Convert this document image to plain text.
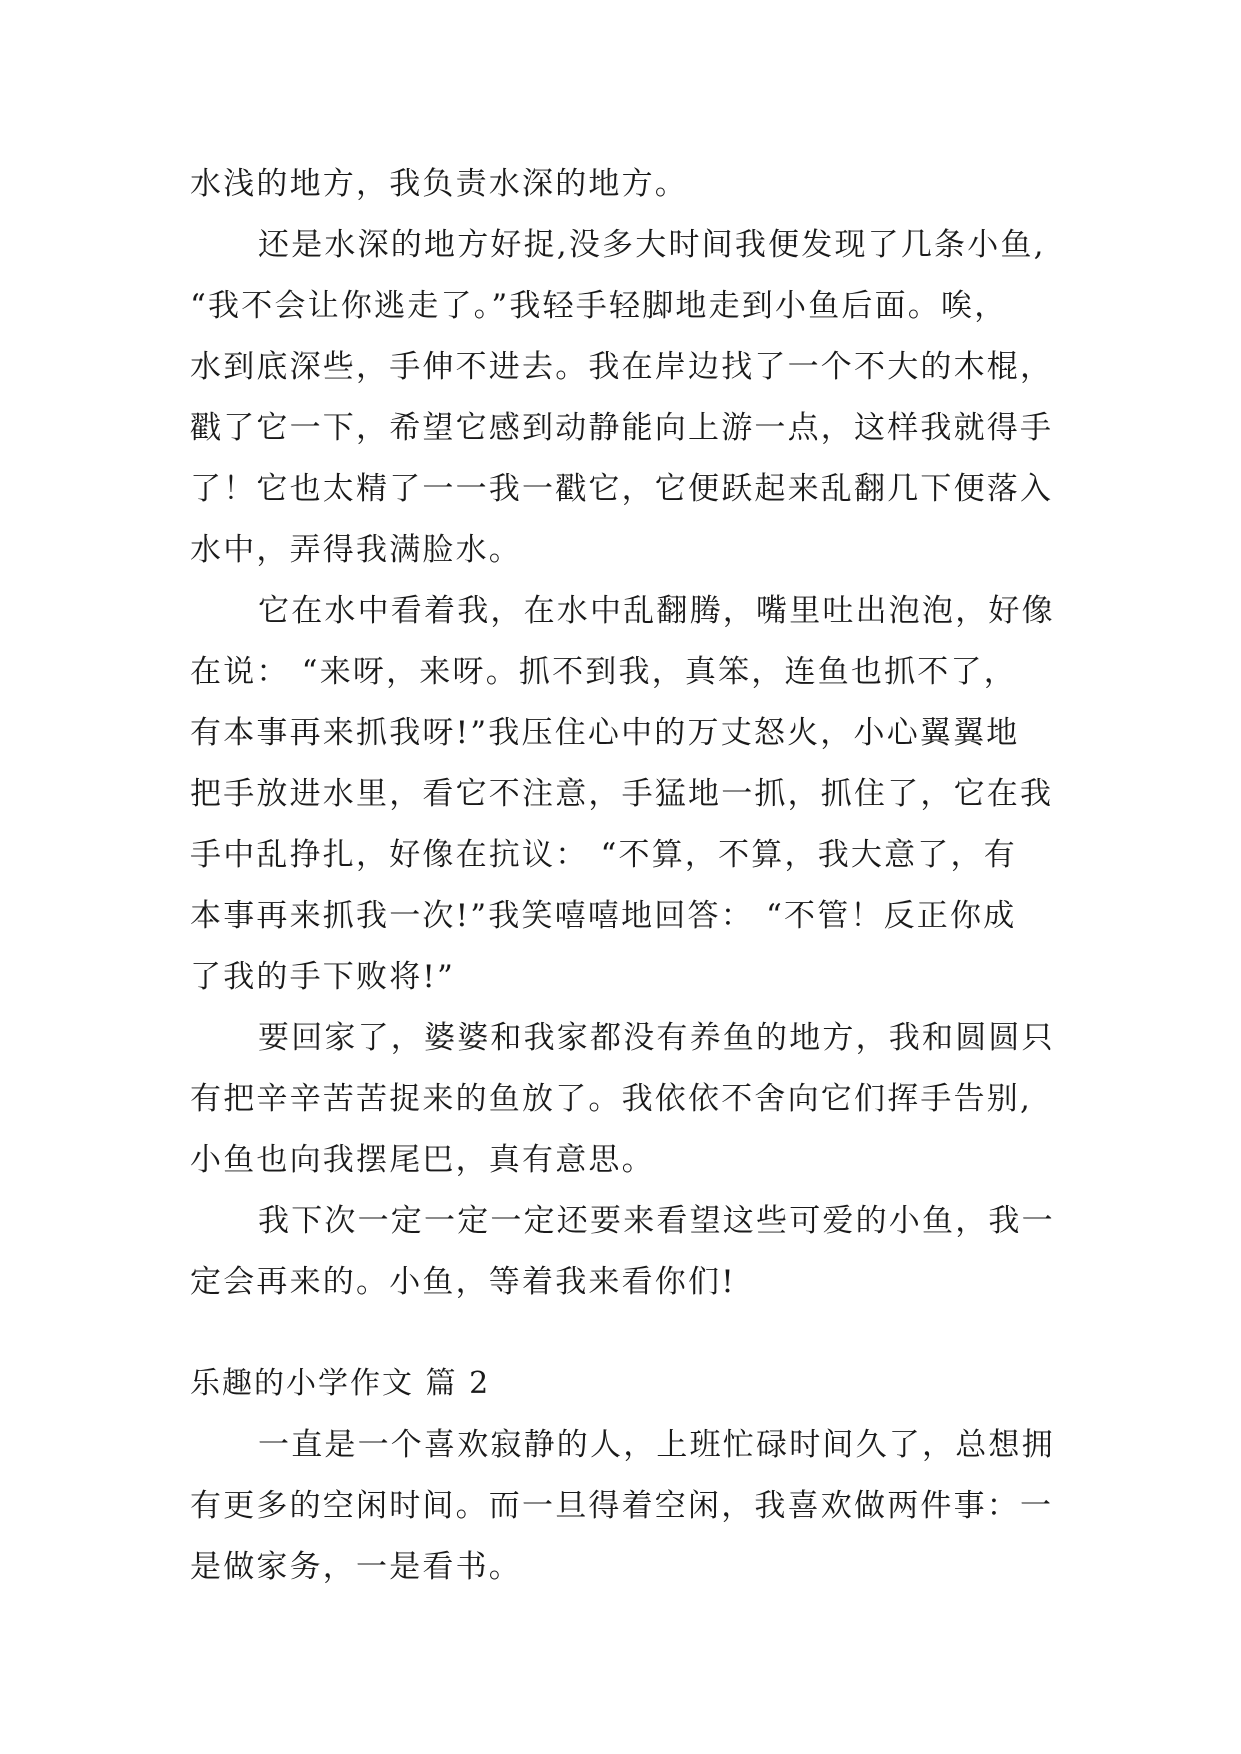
水浅的地方，我负责水深的地方。
还是水深的地方好捉,没多大时间我便发现了几条小鱼,
“我不会让你逃走了。”我轻手轻脚地走到小鱼后面。唉，
水到底深些，手伸不进去。我在岸边找了一个不大的木棍，
戳了它一下，希望它感到动静能向上游一点，这样我就得手
了！它也太精了一一我一戳它，它便跃起来乱翻几下便落入
水中，弄得我满脸水。
它在水中看着我，在水中乱翻腾，嘴里吐出泡泡，好像
在说： “来呀，来呀。抓不到我，真笨，连鱼也抓不了，
有本事再来抓我呀!”我压住心中的万丈怒火，小心翼翼地
把手放进水里，看它不注意，手猛地一抓，抓住了，它在我
手中乱挣扎，好像在抗议： “不算，不算，我大意了，有
本事再来抓我一次!”我笑嘻嘻地回答： “不管！反正你成
了我的手下败将!”
要回家了，婆婆和我家都没有养鱼的地方，我和圆圆只
有把辛辛苦苦捉来的鱼放了。我依依不舍向它们挥手告别,
小鱼也向我摆尾巴，真有意思。
我下次一定一定一定还要来看望这些可爱的小鱼，我一
定会再来的。小鱼，等着我来看你们!
乐趣的小学作文 篇 2
一直是一个喜欢寂静的人，上班忙碌时间久了，总想拥
有更多的空闲时间。而一旦得着空闲，我喜欢做两件事：一
是做家务，一是看书。
